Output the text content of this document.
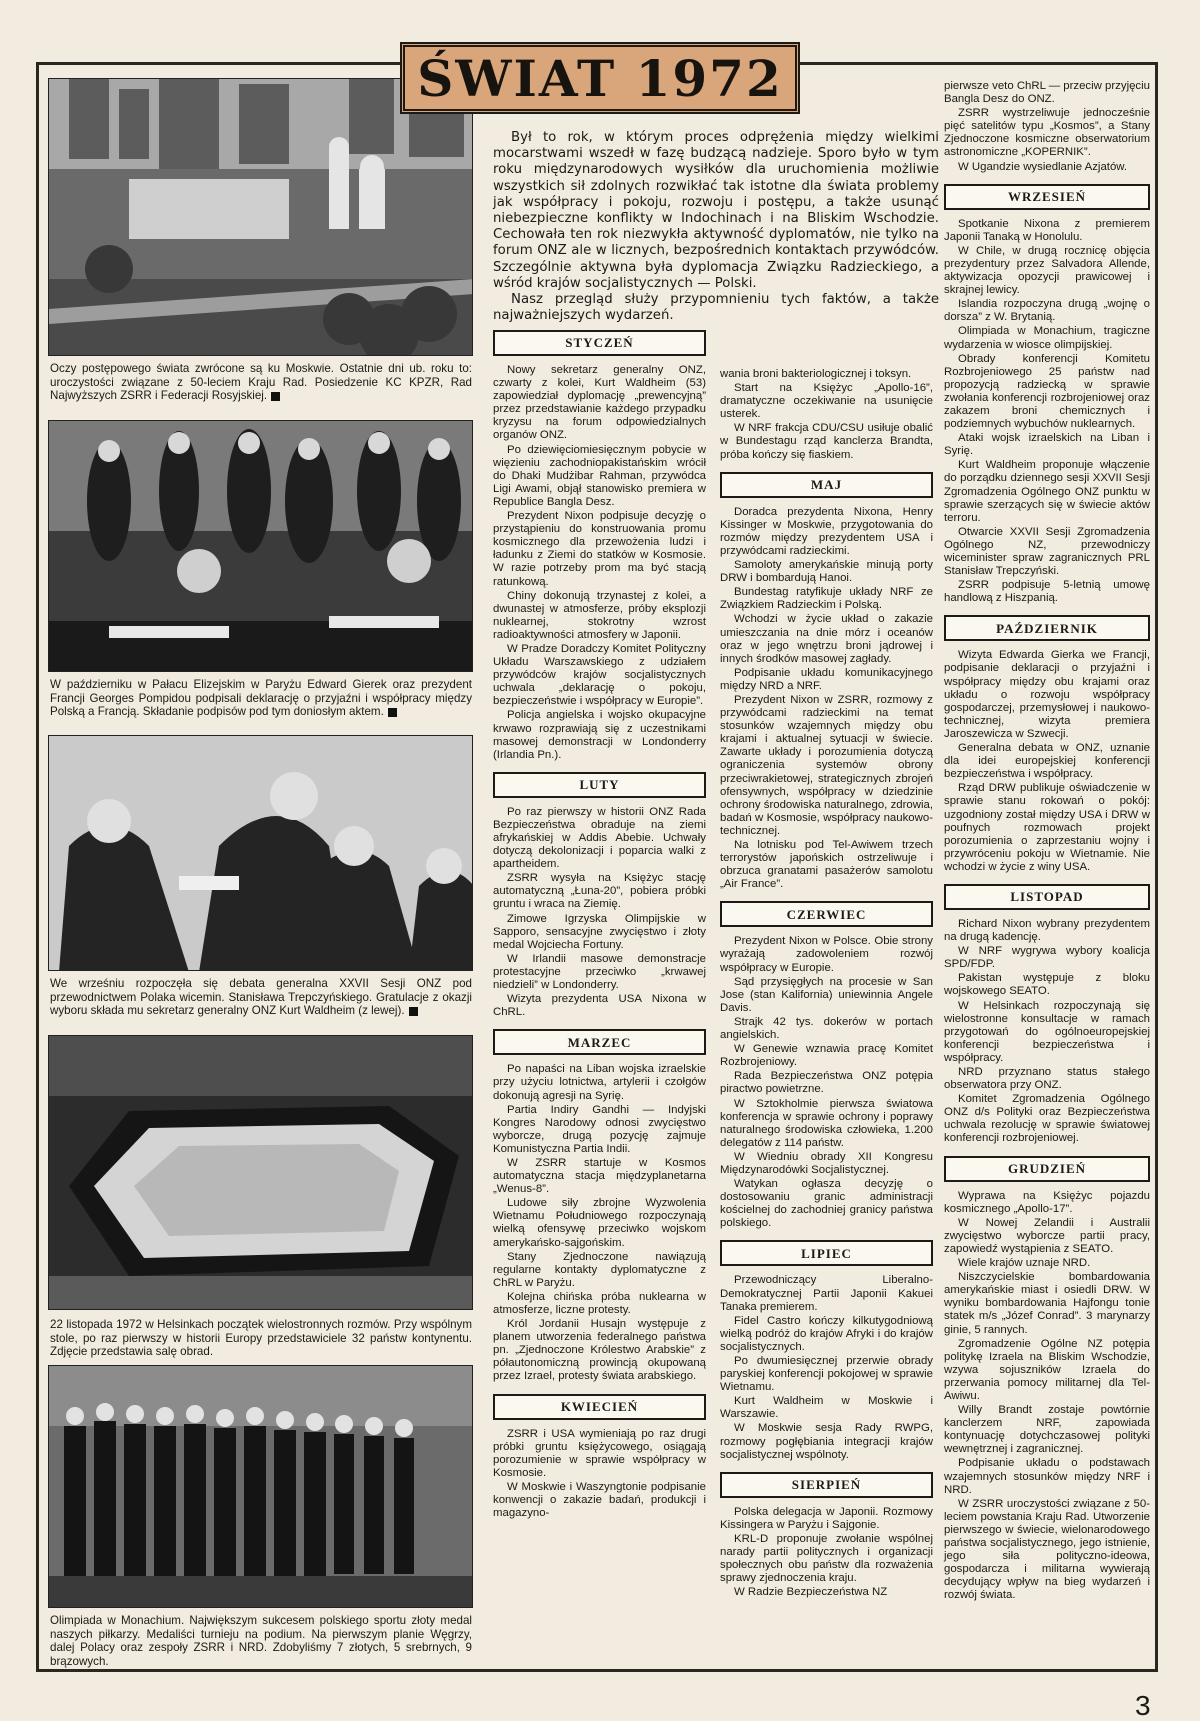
ŚWIAT 1972
Oczy postępowego świata zwrócone są ku Moskwie. Ostatnie dni ub. roku to: uroczystości związane z 50-leciem Kraju Rad. Posiedzenie KC KPZR, Rad Najwyższych ZSRR i Federacji Rosyjskiej.
W październiku w Pałacu Elizejskim w Paryżu Edward Gierek oraz prezydent Francji Georges Pompidou podpisali deklarację o przyjaźni i współpracy między Polską a Francją. Składanie podpisów pod tym doniosłym aktem.
We wrześniu rozpoczęła się debata generalna XXVII Sesji ONZ pod przewodnictwem Polaka wicemin. Stanisława Trepczyńskiego. Gratulacje z okazji wyboru składa mu sekretarz generalny ONZ Kurt Waldheim (z lewej).
22 listopada 1972 w Helsinkach początek wielostronnych rozmów. Przy wspólnym stole, po raz pierwszy w historii Europy przedstawiciele 32 państw kontynentu. Zdjęcie przedstawia salę obrad.
Olimpiada w Monachium. Największym sukcesem polskiego sportu złoty medal naszych piłkarzy. Medaliści turnieju na podium. Na pierwszym planie Węgrzy, dalej Polacy oraz zespoły ZSRR i NRD. Zdobyliśmy 7 złotych, 5 srebrnych, 9 brązowych.

Był to rok, w którym proces odprężenia między wielkimi mocarstwami wszedł w fazę budzącą nadzieje. Sporo było w tym roku międzynarodowych wysiłków dla uruchomienia możliwie wszystkich sił zdolnych rozwikłać tak istotne dla świata problemy jak współpracy i pokoju, rozwoju i postępu, a także usunąć niebezpieczne konflikty w Indochinach i na Bliskim Wschodzie. Cechowała ten rok niezwykła aktywność dyplomatów, nie tylko na forum ONZ ale w licznych, bezpośrednich kontaktach przywódców. Szczególnie aktywna była dyplomacja Związku Radzieckiego, a wśród krajów socjalistycznych — Polski.

Nasz przegląd służy przypomnieniu tych faktów, a także najważniejszych wydarzeń.

STYCZEŃ

Nowy sekretarz generalny ONZ, czwarty z kolei, Kurt Waldheim (53) zapowiedział dyplomację „prewencyjną” przez przedstawianie każdego przypadku kryzysu na forum odpowiedzialnych organów ONZ.

Po dziewięciomiesięcznym pobycie w więzieniu zachodniopakistańskim wrócił do Dhaki Mudżibar Rahman, przywódca Ligi Awami, objął stanowisko premiera w Republice Bangla Desz.

Prezydent Nixon podpisuje decyzję o przystąpieniu do konstruowania promu kosmicznego dla przewożenia ludzi i ładunku z Ziemi do statków w Kosmosie. W razie potrzeby prom ma być stacją ratunkową.

Chiny dokonują trzynastej z kolei, a dwunastej w atmosferze, próby eksplozji nuklearnej, stokrotny wzrost radioaktywności atmosfery w Japonii.

W Pradze Doradczy Komitet Polityczny Układu Warszawskiego z udziałem przywódców krajów socjalistycznych uchwala „deklarację o pokoju, bezpieczeństwie i współpracy w Europie”.

Policja angielska i wojsko okupacyjne krwawo rozprawiają się z uczestnikami masowej demonstracji w Londonderry (Irlandia Pn.).

LUTY

Po raz pierwszy w historii ONZ Rada Bezpieczeństwa obraduje na ziemi afrykańskiej w Addis Abebie. Uchwały dotyczą dekolonizacji i poparcia walki z apartheidem.

ZSRR wysyła na Księżyc stację automatyczną „Łuna-20”, pobiera próbki gruntu i wraca na Ziemię.

Zimowe Igrzyska Olimpijskie w Sapporo, sensacyjne zwycięstwo i złoty medal Wojciecha Fortuny.

W Irlandii masowe demonstracje protestacyjne przeciwko „krwawej niedzieli” w Londonderry.

Wizyta prezydenta USA Nixona w ChRL.

MARZEC

Po napaści na Liban wojska izraelskie przy użyciu lotnictwa, artylerii i czołgów dokonują agresji na Syrię.

Partia Indiry Gandhi — Indyjski Kongres Narodowy odnosi zwycięstwo wyborcze, drugą pozycję zajmuje Komunistyczna Partia Indii.

W ZSRR startuje w Kosmos automatyczna stacja międzyplanetarna „Wenus-8”.

Ludowe siły zbrojne Wyzwolenia Wietnamu Południowego rozpoczynają wielką ofensywę przeciwko wojskom amerykańsko-sajgońskim.

Stany Zjednoczone nawiązują regularne kontakty dyplomatyczne z ChRL w Paryżu.

Kolejna chińska próba nuklearna w atmosferze, liczne protesty.

Król Jordanii Husajn występuje z planem utworzenia federalnego państwa pn. „Zjednoczone Królestwo Arabskie” z półautonomiczną prowincją okupowaną przez Izrael, protesty świata arabskiego.

KWIECIEŃ

ZSRR i USA wymieniają po raz drugi próbki gruntu księżycowego, osiągają porozumienie w sprawie współpracy w Kosmosie.

W Moskwie i Waszyngtonie podpisanie konwencji o zakazie badań, produkcji i magazyno-

wania broni bakteriologicznej i toksyn.

Start na Księżyc „Apollo-16”, dramatyczne oczekiwanie na usunięcie usterek.

W NRF frakcja CDU/CSU usiłuje obalić w Bundestagu rząd kanclerza Brandta, próba kończy się fiaskiem.

MAJ

Doradca prezydenta Nixona, Henry Kissinger w Moskwie, przygotowania do rozmów między prezydentem USA i przywódcami radzieckimi.

Samoloty amerykańskie minują porty DRW i bombardują Hanoi.

Bundestag ratyfikuje układy NRF ze Związkiem Radzieckim i Polską.

Wchodzi w życie układ o zakazie umieszczania na dnie mórz i oceanów oraz w jego wnętrzu broni jądrowej i innych środków masowej zagłady.

Podpisanie układu komunikacyjnego między NRD a NRF.

Prezydent Nixon w ZSRR, rozmowy z przywódcami radzieckimi na temat stosunków wzajemnych między obu krajami i aktualnej sytuacji w świecie. Zawarte układy i porozumienia dotyczą ograniczenia systemów obrony przeciwrakietowej, strategicznych zbrojeń ofensywnych, współpracy w dziedzinie ochrony środowiska naturalnego, zdrowia, badań w Kosmosie, współpracy naukowo-technicznej.

Na lotnisku pod Tel-Awiwem trzech terrorystów japońskich ostrzeliwuje i obrzuca granatami pasażerów samolotu „Air France”.

CZERWIEC

Prezydent Nixon w Polsce. Obie strony wyrażają zadowoleniem rozwój współpracy w Europie.

Sąd przysięgłych na procesie w San Jose (stan Kalifornia) uniewinnia Angele Davis.

Strajk 42 tys. dokerów w portach angielskich.

W Genewie wznawia pracę Komitet Rozbrojeniowy.

Rada Bezpieczeństwa ONZ potępia piractwo powietrzne.

W Sztokholmie pierwsza światowa konferencja w sprawie ochrony i poprawy naturalnego środowiska człowieka, 1.200 delegatów z 114 państw.

W Wiedniu obrady XII Kongresu Międzynarodówki Socjalistycznej.

Watykan ogłasza decyzję o dostosowaniu granic administracji kościelnej do zachodniej granicy państwa polskiego.

LIPIEC

Przewodniczący Liberalno-Demokratycznej Partii Japonii Kakuei Tanaka premierem.

Fidel Castro kończy kilkutygodniową wielką podróż do krajów Afryki i do krajów socjalistycznych.

Po dwumiesięcznej przerwie obrady paryskiej konferencji pokojowej w sprawie Wietnamu.

Kurt Waldheim w Moskwie i Warszawie.

W Moskwie sesja Rady RWPG, rozmowy pogłębiania integracji krajów socjalistycznej wspólnoty.

SIERPIEŃ

Polska delegacja w Japonii. Rozmowy Kissingera w Paryżu i Sajgonie.

KRL-D proponuje zwołanie wspólnej narady partii politycznych i organizacji społecznych obu państw dla rozważenia sprawy zjednoczenia kraju.

W Radzie Bezpieczeństwa NZ

pierwsze veto ChRL — przeciw przyjęciu Bangla Desz do ONZ.

ZSRR wystrzeliwuje jednocześnie pięć satelitów typu „Kosmos”, a Stany Zjednoczone kosmiczne obserwatorium astronomiczne „KOPERNIK”.

W Ugandzie wysiedlanie Azjatów.

WRZESIEŃ

Spotkanie Nixona z premierem Japonii Tanaką w Honolulu.

W Chile, w drugą rocznicę objęcia prezydentury przez Salvadora Allende, aktywizacja opozycji prawicowej i skrajnej lewicy.

Islandia rozpoczyna drugą „wojnę o dorsza” z W. Brytanią.

Olimpiada w Monachium, tragiczne wydarzenia w wiosce olimpijskiej.

Obrady konferencji Komitetu Rozbrojeniowego 25 państw nad propozycją radziecką w sprawie zwołania konferencji rozbrojeniowej oraz zakazem broni chemicznych i podziemnych wybuchów nuklearnych.

Ataki wojsk izraelskich na Liban i Syrię.

Kurt Waldheim proponuje włączenie do porządku dziennego sesji XXVII Sesji Zgromadzenia Ogólnego ONZ punktu w sprawie szerzących się w świecie aktów terroru.

Otwarcie XXVII Sesji Zgromadzenia Ogólnego NZ, przewodniczy wiceminister spraw zagranicznych PRL Stanisław Trepczyński.

ZSRR podpisuje 5-letnią umowę handlową z Hiszpanią.

PAŹDZIERNIK

Wizyta Edwarda Gierka we Francji, podpisanie deklaracji o przyjaźni i współpracy między obu krajami oraz układu o rozwoju współpracy gospodarczej, przemysłowej i naukowo-technicznej, wizyta premiera Jaroszewicza w Szwecji.

Generalna debata w ONZ, uznanie dla idei europejskiej konferencji bezpieczeństwa i współpracy.

Rząd DRW publikuje oświadczenie w sprawie stanu rokowań o pokój: uzgodniony został między USA i DRW w poufnych rozmowach projekt porozumienia o zaprzestaniu wojny i przywróceniu pokoju w Wietnamie. Nie wchodzi w życie z winy USA.

LISTOPAD

Richard Nixon wybrany prezydentem na drugą kadencję.

W NRF wygrywa wybory koalicja SPD/FDP.

Pakistan występuje z bloku wojskowego SEATO.

W Helsinkach rozpoczynają się wielostronne konsultacje w ramach przygotowań do ogólnoeuropejskiej konferencji bezpieczeństwa i współpracy.

NRD przyznano status stałego obserwatora przy ONZ.

Komitet Zgromadzenia Ogólnego ONZ d/s Polityki oraz Bezpieczeństwa uchwala rezolucję w sprawie światowej konferencji rozbrojeniowej.

GRUDZIEŃ

Wyprawa na Księżyc pojazdu kosmicznego „Apollo-17”.

W Nowej Zelandii i Australii zwycięstwo wyborcze partii pracy, zapowiedź wystąpienia z SEATO.

Wiele krajów uznaje NRD.

Niszczycielskie bombardowania amerykańskie miast i osiedli DRW. W wyniku bombardowania Hajfongu tonie statek m/s „Józef Conrad”. 3 marynarzy ginie, 5 rannych.

Zgromadzenie Ogólne NZ potępia politykę Izraela na Bliskim Wschodzie, wzywa sojuszników Izraela do przerwania pomocy militarnej dla Tel-Awiwu.

Willy Brandt zostaje powtórnie kanclerzem NRF, zapowiada kontynuację dotychczasowej polityki wewnętrznej i zagranicznej.

Podpisanie układu o podstawach wzajemnych stosunków między NRF i NRD.

W ZSRR uroczystości związane z 50-leciem powstania Kraju Rad. Utworzenie pierwszego w świecie, wielonarodowego państwa socjalistycznego, jego istnienie, jego siła polityczno-ideowa, gospodarcza i militarna wywierają decydujący wpływ na bieg wydarzeń i rozwój świata.

3
